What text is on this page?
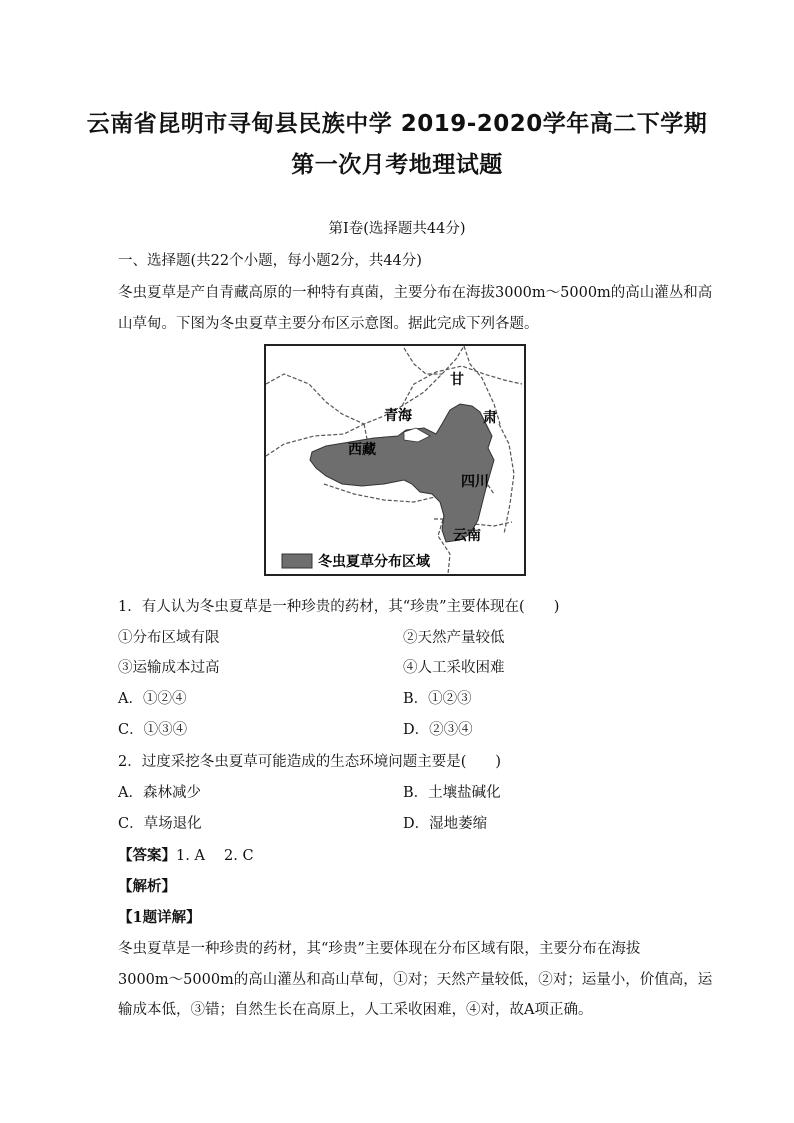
云南省昆明市寻甸县民族中学 2019-2020学年高二下学期
第一次月考地理试题
第Ⅰ卷(选择题共44分)
一、选择题(共22个小题，每小题2分，共44分)
冬虫夏草是产自青藏高原的一种特有真菌，主要分布在海拔3000m～5000m的高山灌丛和高
山草甸。下图为冬虫夏草主要分布区示意图。据此完成下列各题。
甘
青海	肃
西藏
四川
云南
冬虫夏草分布区域
1．有人认为冬虫夏草是一种珍贵的药材，其“珍贵”主要体现在(　　)
①分布区域有限	②天然产量较低
③运输成本过高	④人工采收困难
A．①②④	B．①②③
C．①③④	D．②③④
2．过度采挖冬虫夏草可能造成的生态环境问题主要是(　　)
A．森林减少	B．土壤盐碱化
C．草场退化	D．湿地萎缩
【答案】1. A　 2. C
【解析】
【1题详解】
冬虫夏草是一种珍贵的药材，其“珍贵”主要体现在分布区域有限，主要分布在海拔
3000m～5000m的高山灌丛和高山草甸，①对；天然产量较低，②对；运量小，价值高，运
输成本低，③错；自然生长在高原上，人工采收困难，④对，故A项正确。
